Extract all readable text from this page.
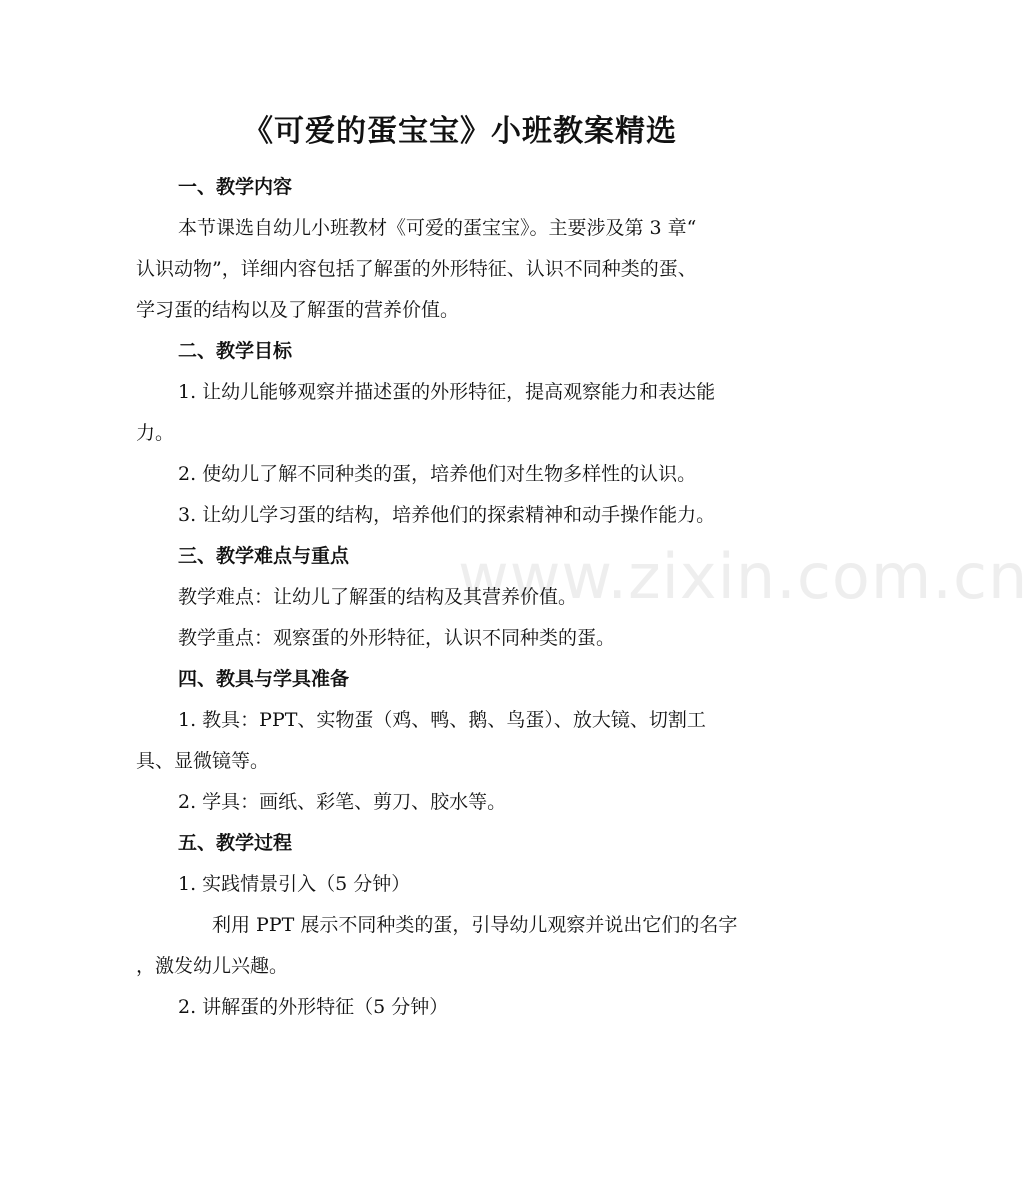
www.zixin.com.cn
《可爱的蛋宝宝》小班教案精选
一、教学内容
本节课选自幼儿小班教材《可爱的蛋宝宝》。主要涉及第 3 章“
认识动物”，详细内容包括了解蛋的外形特征、认识不同种类的蛋、
学习蛋的结构以及了解蛋的营养价值。
二、教学目标
1. 让幼儿能够观察并描述蛋的外形特征，提高观察能力和表达能
力。
2. 使幼儿了解不同种类的蛋，培养他们对生物多样性的认识。
3. 让幼儿学习蛋的结构，培养他们的探索精神和动手操作能力。
三、教学难点与重点
教学难点：让幼儿了解蛋的结构及其营养价值。
教学重点：观察蛋的外形特征，认识不同种类的蛋。
四、教具与学具准备
1. 教具：PPT、实物蛋（鸡、鸭、鹅、鸟蛋）、放大镜、切割工
具、显微镜等。
2. 学具：画纸、彩笔、剪刀、胶水等。
五、教学过程
1. 实践情景引入（5 分钟）
利用 PPT 展示不同种类的蛋，引导幼儿观察并说出它们的名字
，激发幼儿兴趣。
2. 讲解蛋的外形特征（5 分钟）
